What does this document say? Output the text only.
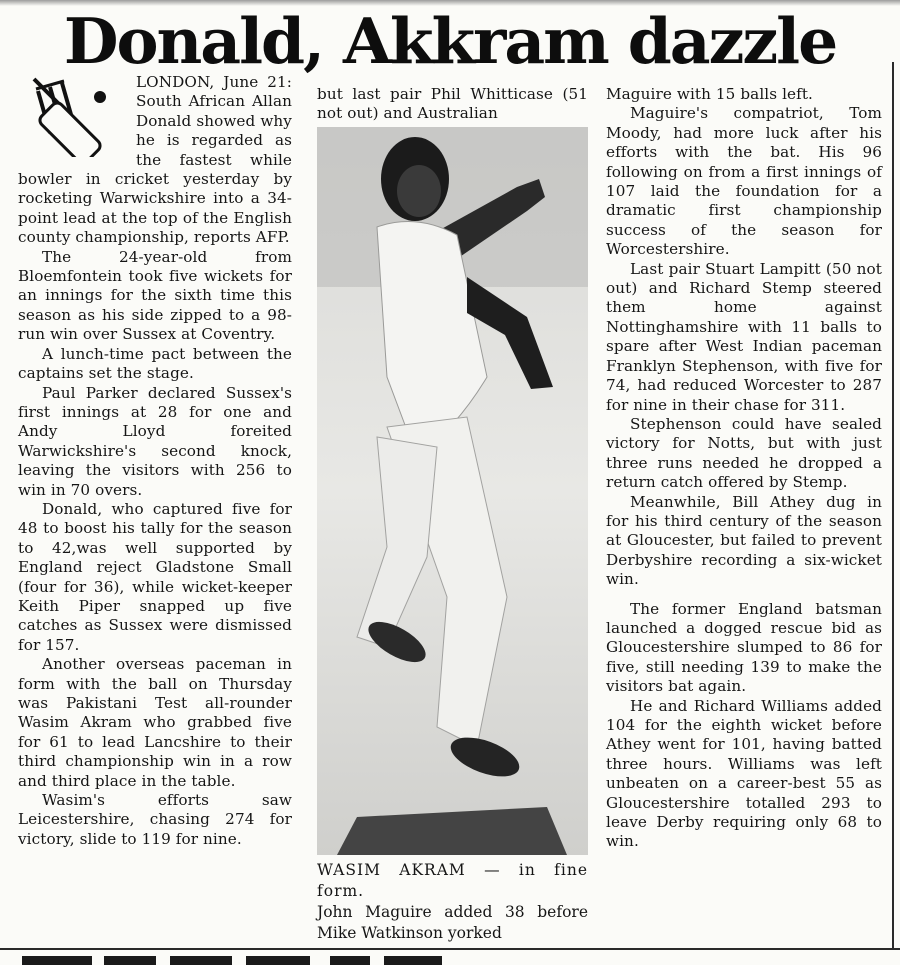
Donald, Akkram dazzle

LONDON, June 21: South African Allan Donald showed why he is regarded as the fastest while bowler in cricket yesterday by rocketing Warwickshire into a 34-point lead at the top of the English county championship, reports AFP.

The 24-year-old from Bloemfontein took five wickets for an innings for the sixth time this season as his side zipped to a 98-run win over Sussex at Coventry.

A lunch-time pact between the captains set the stage.

Paul Parker declared Sussex's first innings at 28 for one and Andy Lloyd foreited Warwickshire's second knock, leaving the visitors with 256 to win in 70 overs.

Donald, who captured five for 48 to boost his tally for the season to 42,was well supported by England reject Gladstone Small (four for 36), while wicket-keeper Keith Piper snapped up five catches as Sussex were dismissed for 157.

Another overseas paceman in form with the ball on Thursday was Pakistani Test all-rounder Wasim Akram who grabbed five for 61 to lead Lancshire to their third championship win in a row and third place in the table.

Wasim's efforts saw Leicestershire, chasing 274 for victory, slide to 119 for nine.

but last pair Phil Whitticase (51 not out) and Australian

WASIM AKRAM — in fine form.

John Maguire added 38 before Mike Watkinson yorked

Maguire with 15 balls left.

Maguire's compatriot, Tom Moody, had more luck after his efforts with the bat. His 96 following on from a first innings of 107 laid the foundation for a dramatic first championship success of the season for Worcestershire.

Last pair Stuart Lampitt (50 not out) and Richard Stemp steered them home against Nottinghamshire with 11 balls to spare after West Indian paceman Franklyn Stephenson, with five for 74, had reduced Worcester to 287 for nine in their chase for 311.

Stephenson could have sealed victory for Notts, but with just three runs needed he dropped a return catch offered by Stemp.

Meanwhile, Bill Athey dug in for his third century of the season at Gloucester, but failed to prevent Derbyshire recording a six-wicket win.

The former England batsman launched a dogged rescue bid as Gloucestershire slumped to 86 for five, still needing 139 to make the visitors bat again.

He and Richard Williams added 104 for the eighth wicket before Athey went for 101, having batted three hours. Williams was left unbeaten on a career-best 55 as Gloucestershire totalled 293 to leave Derby requiring only 68 to win.
